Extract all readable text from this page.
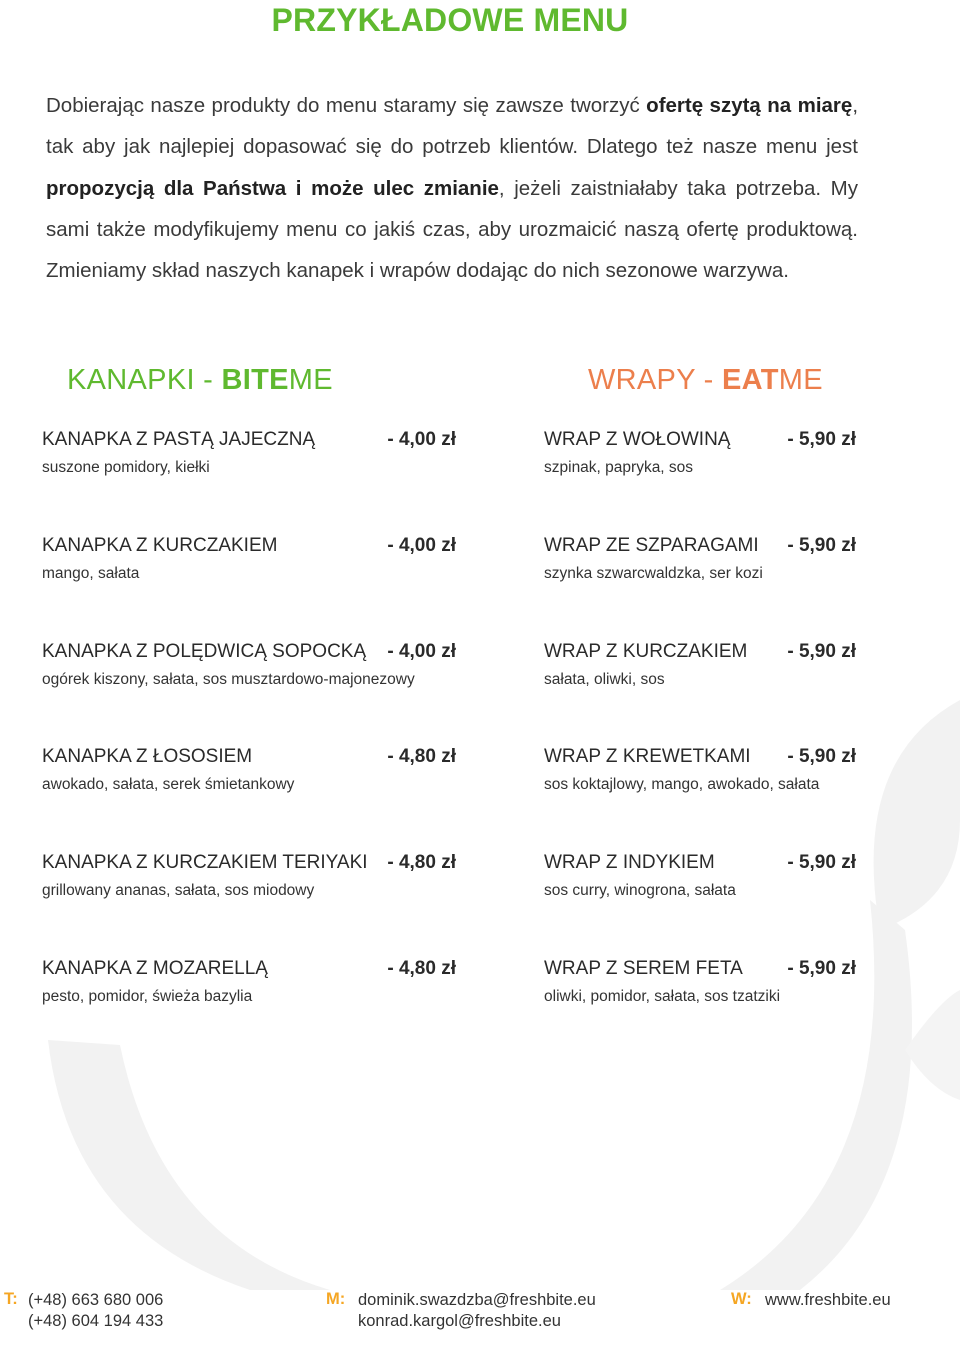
PRZYKŁADOWE MENU

Dobierając nasze produkty do menu staramy się zawsze tworzyć ofertę szytą na miarę, tak aby jak najlepiej dopasować się do potrzeb klientów. Dlatego też nasze menu jest propozycją dla Państwa i może ulec zmianie, jeżeli zaistniałaby taka potrzeba. My sami także modyfikujemy menu co jakiś czas, aby urozmaicić naszą ofertę produktową. Zmieniamy skład naszych kanapek i wrapów dodając do nich sezonowe warzywa.

KANAPKI - BITEME	WRAPY - EATME
KANAPKA Z PASTĄ JAJECZNĄ	- 4,00 zł
suszone pomidory, kiełki
KANAPKA Z KURCZAKIEM	- 4,00 zł
mango, sałata
KANAPKA Z POLĘDWICĄ SOPOCKĄ - 4,00 zł
ogórek kiszony, sałata, sos musztardowo-majonezowy
KANAPKA Z ŁOSOSIEM	- 4,80 zł
awokado, sałata, serek śmietankowy
KANAPKA Z KURCZAKIEM TERIYAKI - 4,80 zł
grillowany ananas, sałata, sos miodowy
KANAPKA Z MOZARELLĄ	- 4,80 zł
pesto, pomidor, świeża bazylia
WRAP Z WOŁOWINĄ	- 5,90 zł
szpinak, papryka, sos
WRAP ZE SZPARAGAMI - 5,90 zł
szynka szwarcwaldzka, ser kozi
WRAP Z KURCZAKIEM - 5,90 zł
sałata, oliwki, sos
WRAP Z KREWETKAMI - 5,90 zł
sos koktajlowy, mango, awokado, sałata
WRAP Z INDYKIEM	- 5,90 zł
sos curry, winogrona, sałata
WRAP Z SEREM FETA - 5,90 zł
oliwki, pomidor, sałata, sos tzatziki
T: (+48) 663 680 006
(+48) 604 194 433
M: dominik.swazdzba@freshbite.eu
konrad.kargol@freshbite.eu
W: www.freshbite.eu
